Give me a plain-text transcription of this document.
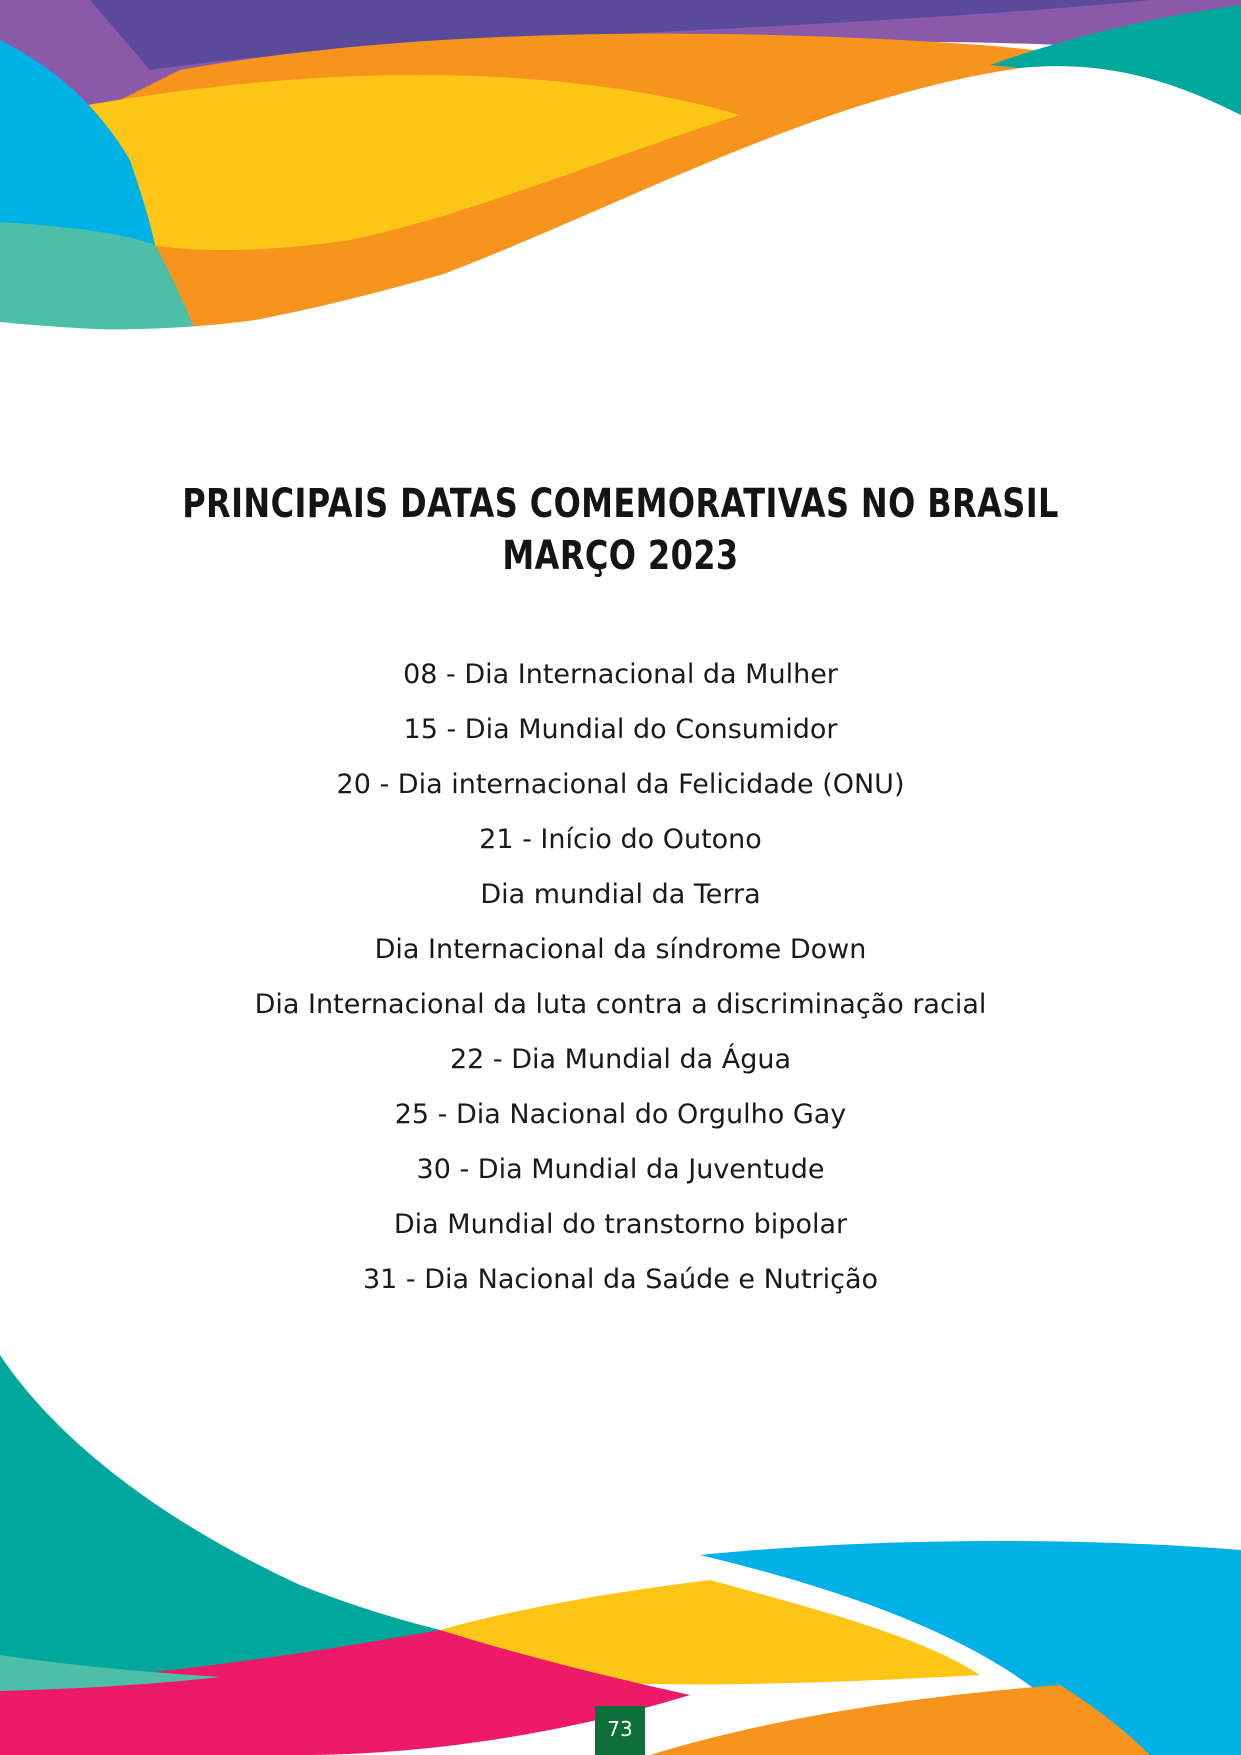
PRINCIPAIS DATAS COMEMORATIVAS NO BRASIL
MARÇO 2023
08 - Dia Internacional da Mulher
15 - Dia Mundial do Consumidor
20 - Dia internacional da Felicidade (ONU)
21 - Início do Outono
Dia mundial da Terra
Dia Internacional da síndrome Down
Dia Internacional da luta contra a discriminação racial
22 - Dia Mundial da Água
25 - Dia Nacional do Orgulho Gay
30 - Dia Mundial da Juventude
Dia Mundial do transtorno bipolar
31 - Dia Nacional da Saúde e Nutrição
73
